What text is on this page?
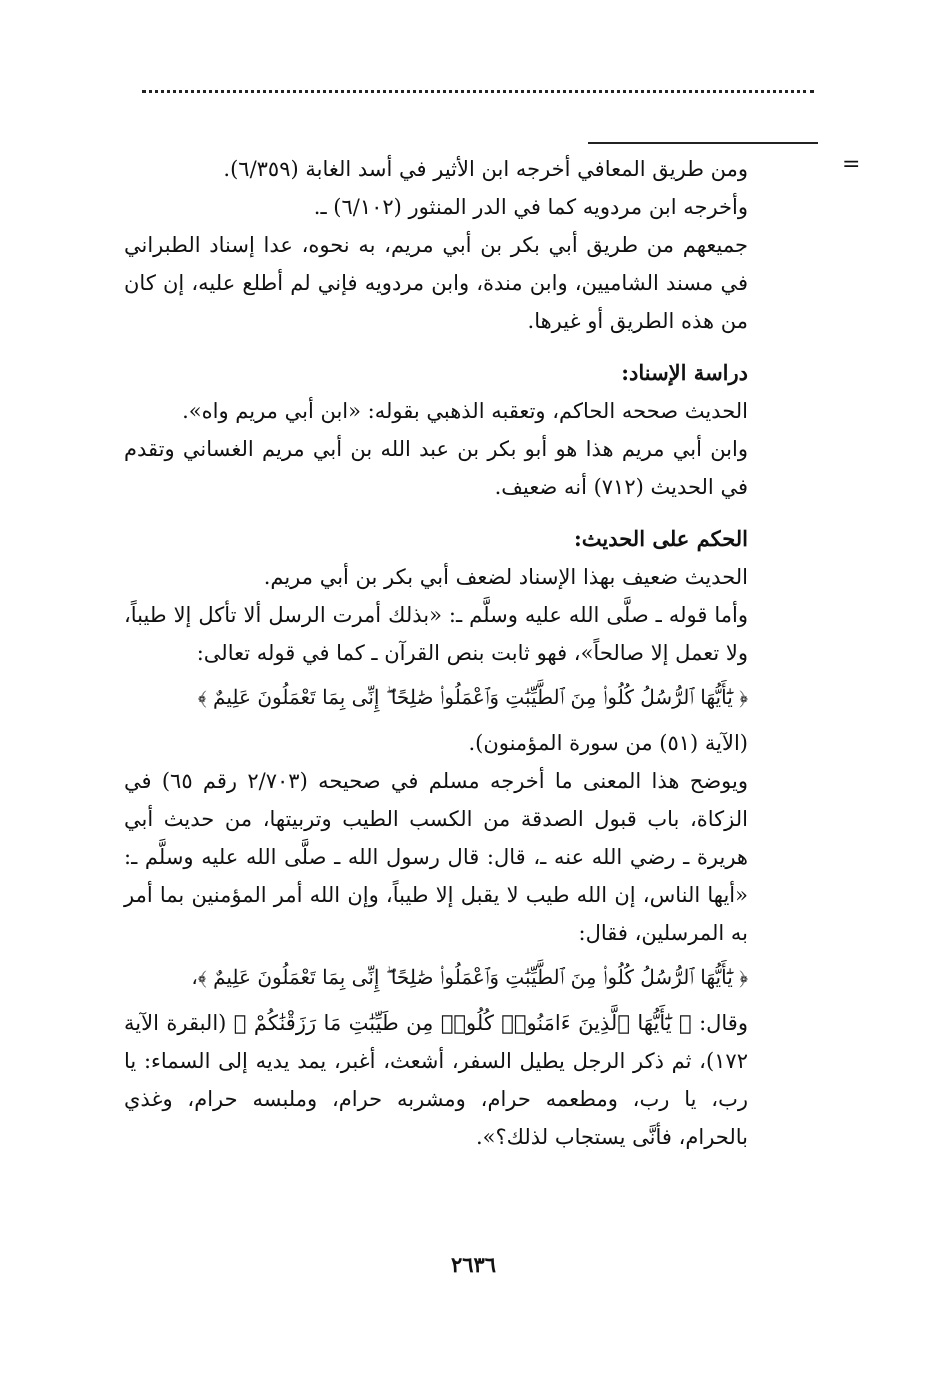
=

ومن طريق المعافي أخرجه ابن الأثير في أسد الغابة (٦/٣٥٩).

وأخرجه ابن مردويه كما في الدر المنثور (٦/١٠٢) ـ.

جميعهم من طريق أبي بكر بن أبي مريم، به نحوه، عدا إسناد الطبراني في مسند الشاميين، وابن مندة، وابن مردويه فإني لم أطلع عليه، إن كان من هذه الطريق أو غيرها.

دراسة الإسناد:

الحديث صححه الحاكم، وتعقبه الذهبي بقوله: «ابن أبي مريم واه».

وابن أبي مريم هذا هو أبو بكر بن عبد الله بن أبي مريم الغساني وتقدم في الحديث (٧١٢) أنه ضعيف.

الحكم على الحديث:

الحديث ضعيف بهذا الإسناد لضعف أبي بكر بن أبي مريم.

وأما قوله ـ صلَّى الله عليه وسلَّم ـ: «بذلك أمرت الرسل ألا تأكل إلا طيباً، ولا تعمل إلا صالحاً»، فهو ثابت بنص القرآن ـ كما في قوله تعالى:

﴿ يَٰٓأَيُّهَا ٱلرُّسُلُ كُلُوا۟ مِنَ ٱلطَّيِّبَٰتِ وَٱعْمَلُوا۟ صَٰلِحًا ۖ إِنِّى بِمَا تَعْمَلُونَ عَلِيمٌ ﴾

(الآية (٥١) من سورة المؤمنون).

ويوضح هذا المعنى ما أخرجه مسلم في صحيحه (٢/٧٠٣ رقم ٦٥) في الزكاة، باب قبول الصدقة من الكسب الطيب وتربيتها، من حديث أبي هريرة ـ رضي الله عنه ـ، قال: قال رسول الله ـ صلَّى الله عليه وسلَّم ـ: «أيها الناس، إن الله طيب لا يقبل إلا طيباً، وإن الله أمر المؤمنين بما أمر به المرسلين، فقال:

﴿ يَٰٓأَيُّهَا ٱلرُّسُلُ كُلُوا۟ مِنَ ٱلطَّيِّبَٰتِ وَٱعْمَلُوا۟ صَٰلِحًا ۖ إِنِّى بِمَا تَعْمَلُونَ عَلِيمٌ ﴾،

وقال: ﴿ يَٰٓأَيُّهَا ٱلَّذِينَ ءَامَنُوا۟ كُلُوا۟ مِن طَيِّبَٰتِ مَا رَزَقْنَٰكُمْ ﴾ (البقرة الآية ١٧٢)، ثم ذكر الرجل يطيل السفر، أشعث، أغبر، يمد يديه إلى السماء: يا رب، يا رب، ومطعمه حرام، ومشربه حرام، وملبسه حرام، وغذي بالحرام، فأنَّى يستجاب لذلك؟».

٢٦٣٦
